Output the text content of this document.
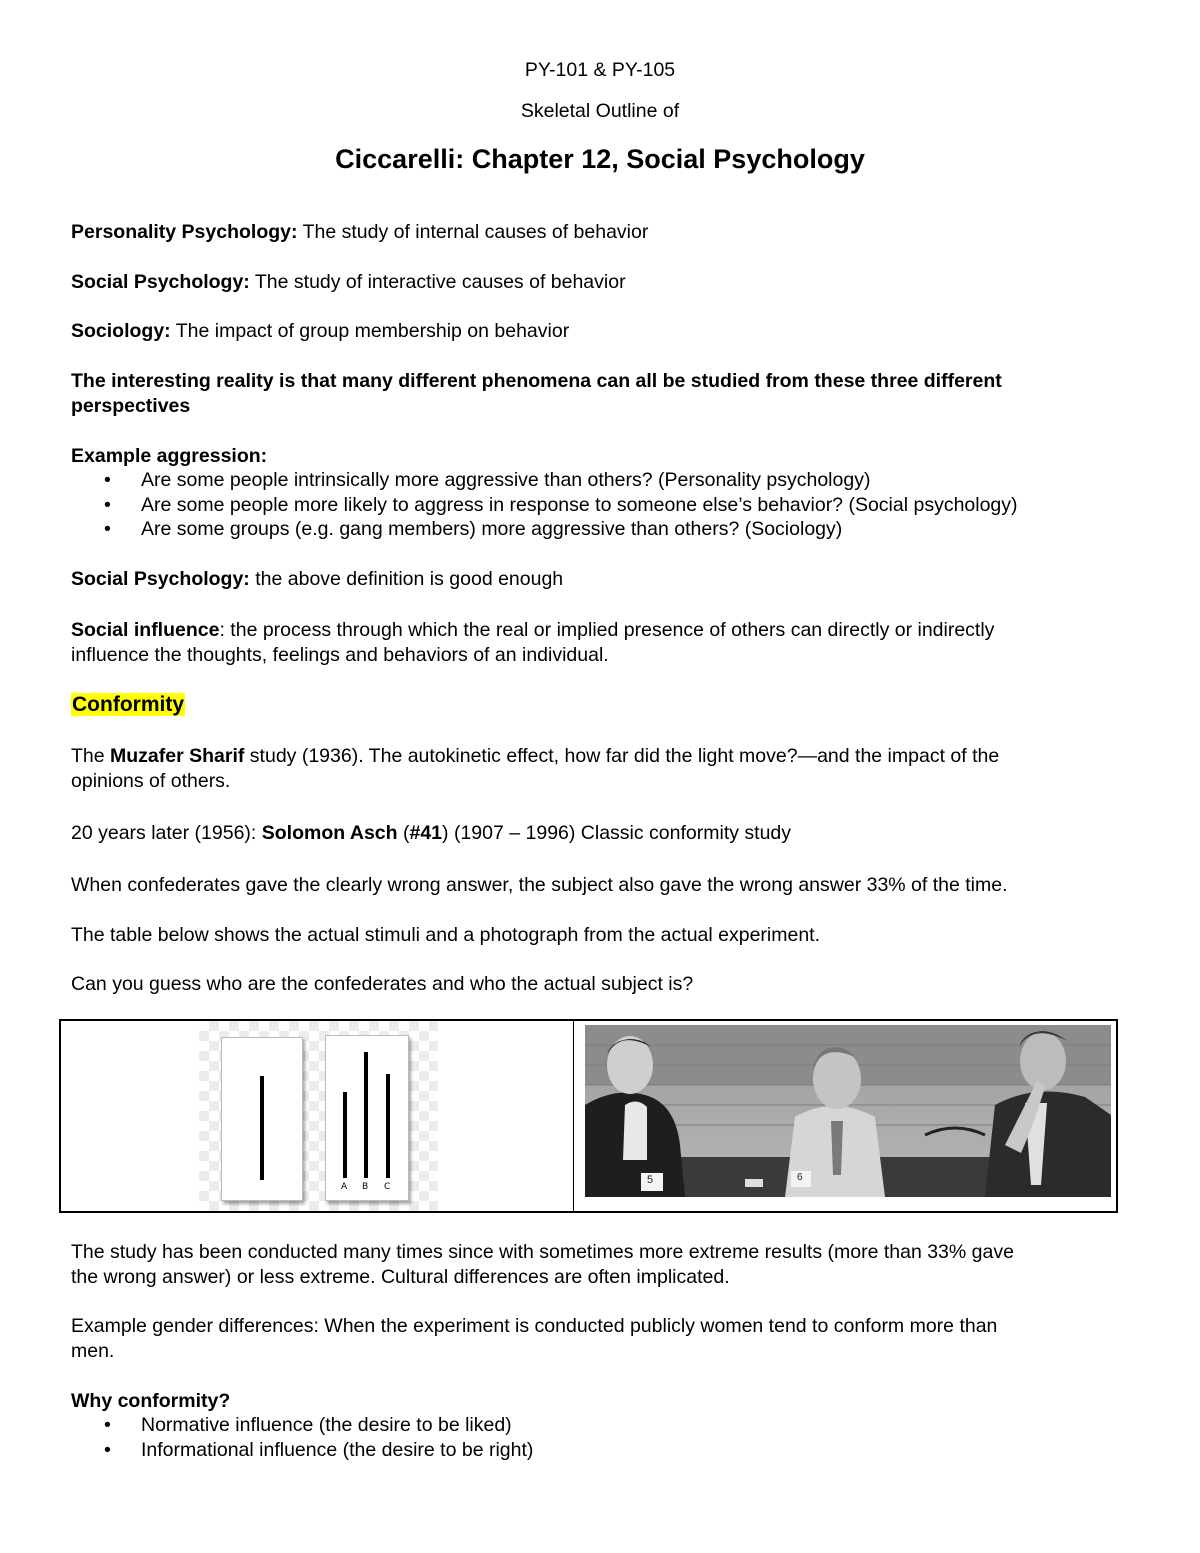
PY-101 & PY-105

Skeletal Outline of

Ciccarelli: Chapter 12, Social Psychology

Personality Psychology: The study of internal causes of behavior

Social Psychology: The study of interactive causes of behavior

Sociology: The impact of group membership on behavior

The interesting reality is that many different phenomena can all be studied from these three different

perspectives

Example aggression:

• Are some people intrinsically more aggressive than others? (Personality psychology)
• Are some people more likely to aggress in response to someone else’s behavior? (Social psychology)
• Are some groups (e.g. gang members) more aggressive than others? (Sociology)

Social Psychology: the above definition is good enough

Social influence: the process through which the real or implied presence of others can directly or indirectly

influence the thoughts, feelings and behaviors of an individual.

Conformity

The Muzafer Sharif study (1936). The autokinetic effect, how far did the light move?—and the impact of the

opinions of others.

20 years later (1956): Solomon Asch (#41) (1907 – 1996) Classic conformity study

When confederates gave the clearly wrong answer, the subject also gave the wrong answer 33% of the time.

The table below shows the actual stimuli and a photograph from the actual experiment.

Can you guess who are the confederates and who the actual subject is?

A B C
5	6

The study has been conducted many times since with sometimes more extreme results (more than 33% gave

the wrong answer) or less extreme. Cultural differences are often implicated.

Example gender differences: When the experiment is conducted publicly women tend to conform more than

men.

Why conformity?

• Normative influence (the desire to be liked)
• Informational influence (the desire to be right)
